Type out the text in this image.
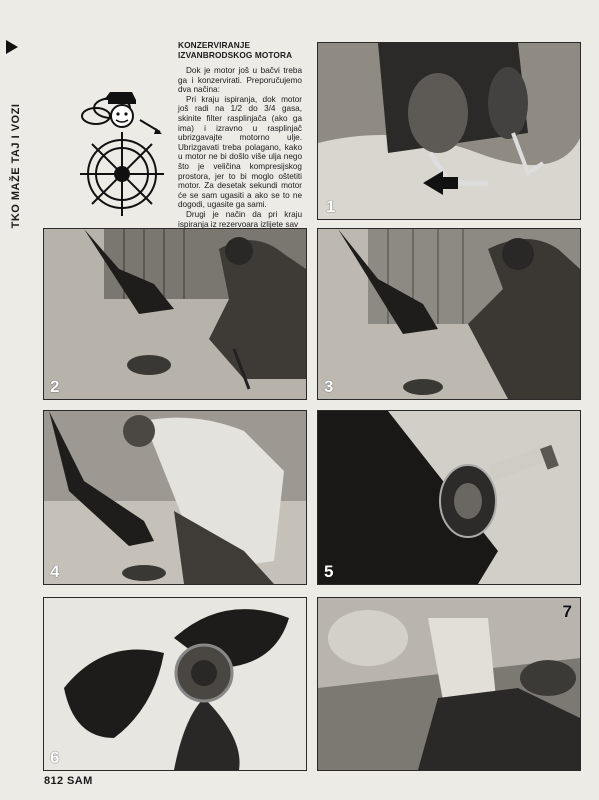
TKO MAŽE TAJ I VOZI
KONZERVIRANJE
IZVANBRODSKOG MOTORA

Dok je motor još u bačvi treba ga i konzervirati. Preporučujemo dva načina:

Pri kraju ispiranja, dok motor još radi na 1/2 do 3/4 gasa, skinite filter rasplinjača (ako ga ima) i izravno u rasplinjač ubrizgavajte motorno ulje. Ubrizgavati treba polagano, kako u motor ne bi došlo više ulja nego što je veličina kompresijskog prostora, jer to bi moglo oštetiti motor. Za desetak sekundi motor će se sam ugasiti a ako se to ne dogodi, ugasite ga sami.

Drugi je način da pri kraju ispiranja iz rezervoara izlijete sav

1
2	3
4	5
6
7
812 SAM
